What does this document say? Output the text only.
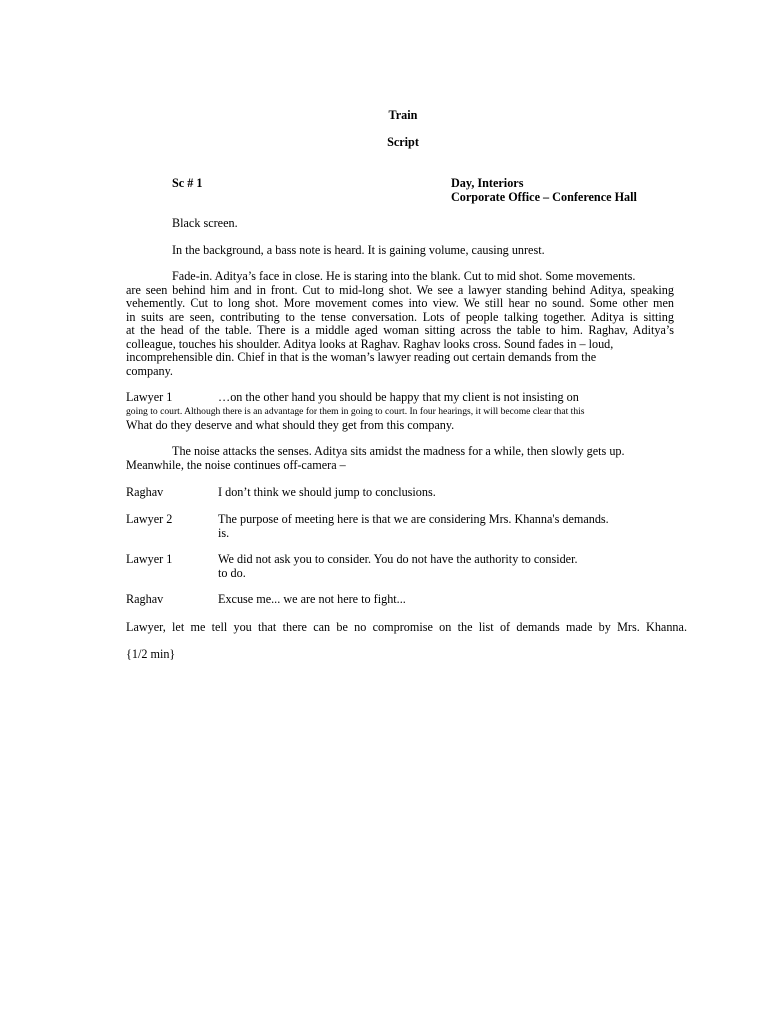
Train
Script
Sc # 1	Day, Interiors
Corporate Office – Conference Hall
Black screen.
In the background, a bass note is heard. It is gaining volume, causing unrest.
Fade-in. Aditya’s face in close. He is staring into the blank. Cut to mid shot. Some movements.
are seen behind him and in front. Cut to mid-long shot. We see a lawyer standing behind Aditya, speaking
vehemently. Cut to long shot. More movement comes into view. We still hear no sound. Some other men
in suits are seen, contributing to the tense conversation. Lots of people talking together. Aditya is sitting
at the head of the table. There is a middle aged woman sitting across the table to him. Raghav, Aditya’s
colleague, touches his shoulder. Aditya looks at Raghav. Raghav looks cross. Sound fades in – loud,
incomprehensible din. Chief in that is the woman’s lawyer reading out certain demands from the
company.
Lawyer 1	…on the other hand you should be happy that my client is not insisting on
going to court. Although there is an advantage for them in going to court. In four hearings, it will become clear that this
What do they deserve and what should they get from this company.
The noise attacks the senses. Aditya sits amidst the madness for a while, then slowly gets up.
Meanwhile, the noise continues off-camera –
Raghav	I don’t think we should jump to conclusions.
Lawyer 2	The purpose of meeting here is that we are considering Mrs. Khanna's demands.
is.
Lawyer 1	We did not ask you to consider. You do not have the authority to consider.
to do.
Raghav	Excuse me... we are not here to fight...
Lawyer, let me tell you that there can be no compromise on the list of demands made by Mrs. Khanna.
{1/2 min}
